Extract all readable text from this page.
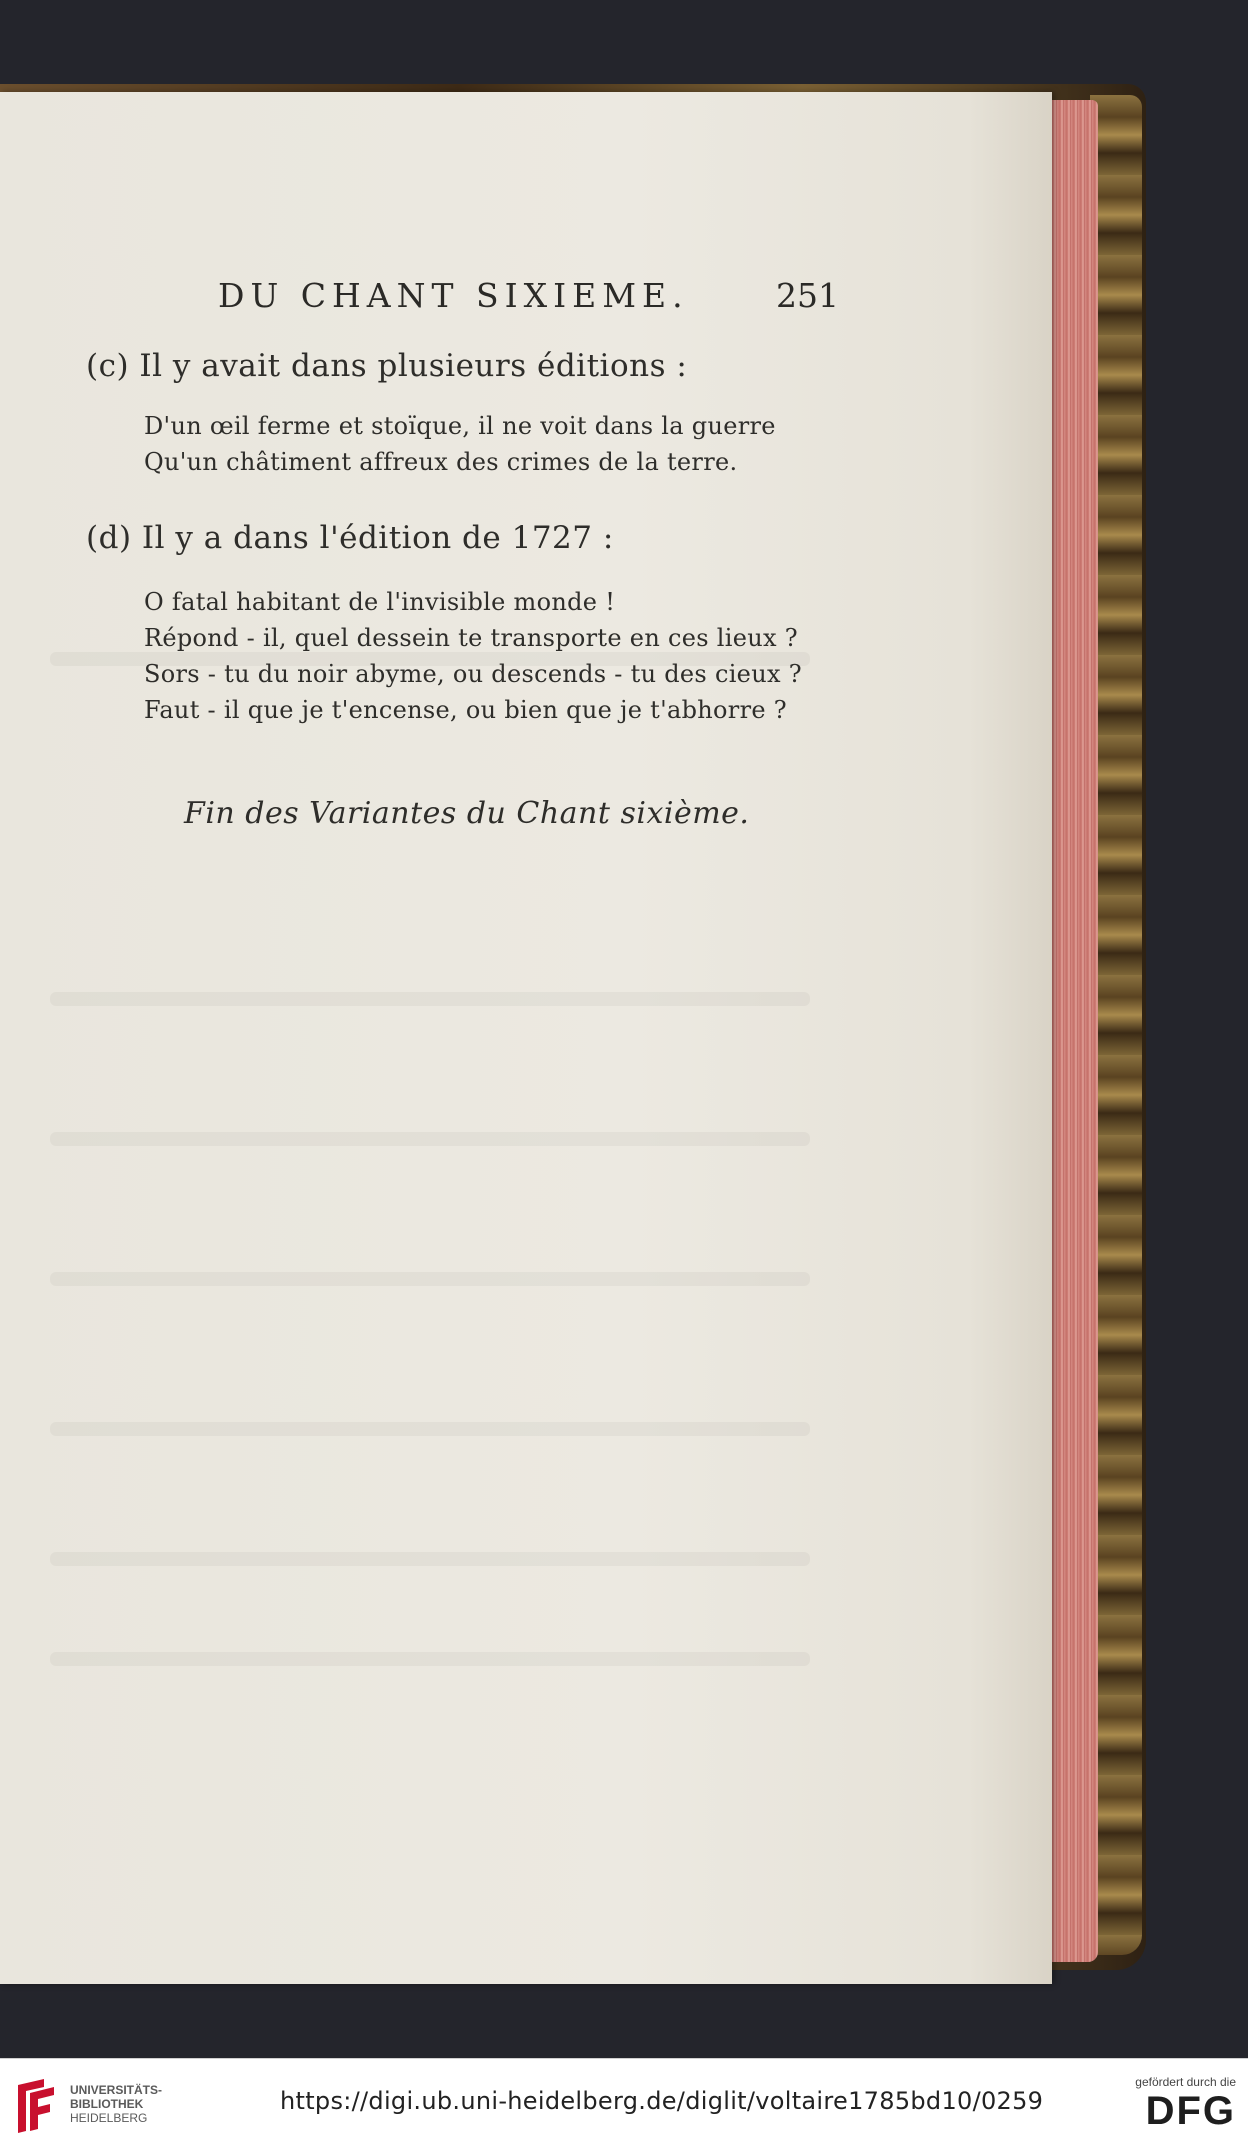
DU CHANT SIXIEME.	251
(c) Il y avait dans plusieurs éditions :
D'un œil ferme et stoïque, il ne voit dans la guerre
Qu'un châtiment affreux des crimes de la terre.
(d) Il y a dans l'édition de 1727 :
O fatal habitant de l'invisible monde !
Répond - il, quel dessein te transporte en ces lieux ?
Sors - tu du noir abyme, ou descends - tu des cieux ?
Faut - il que je t'encense, ou bien que je t'abhorre ?
Fin des Variantes du Chant sixième.
UNIVERSITÄTS-
BIBLIOTHEK
HEIDELBERG
https://digi.ub.uni-heidelberg.de/diglit/voltaire1785bd10/0259
gefördert durch die
DFG
